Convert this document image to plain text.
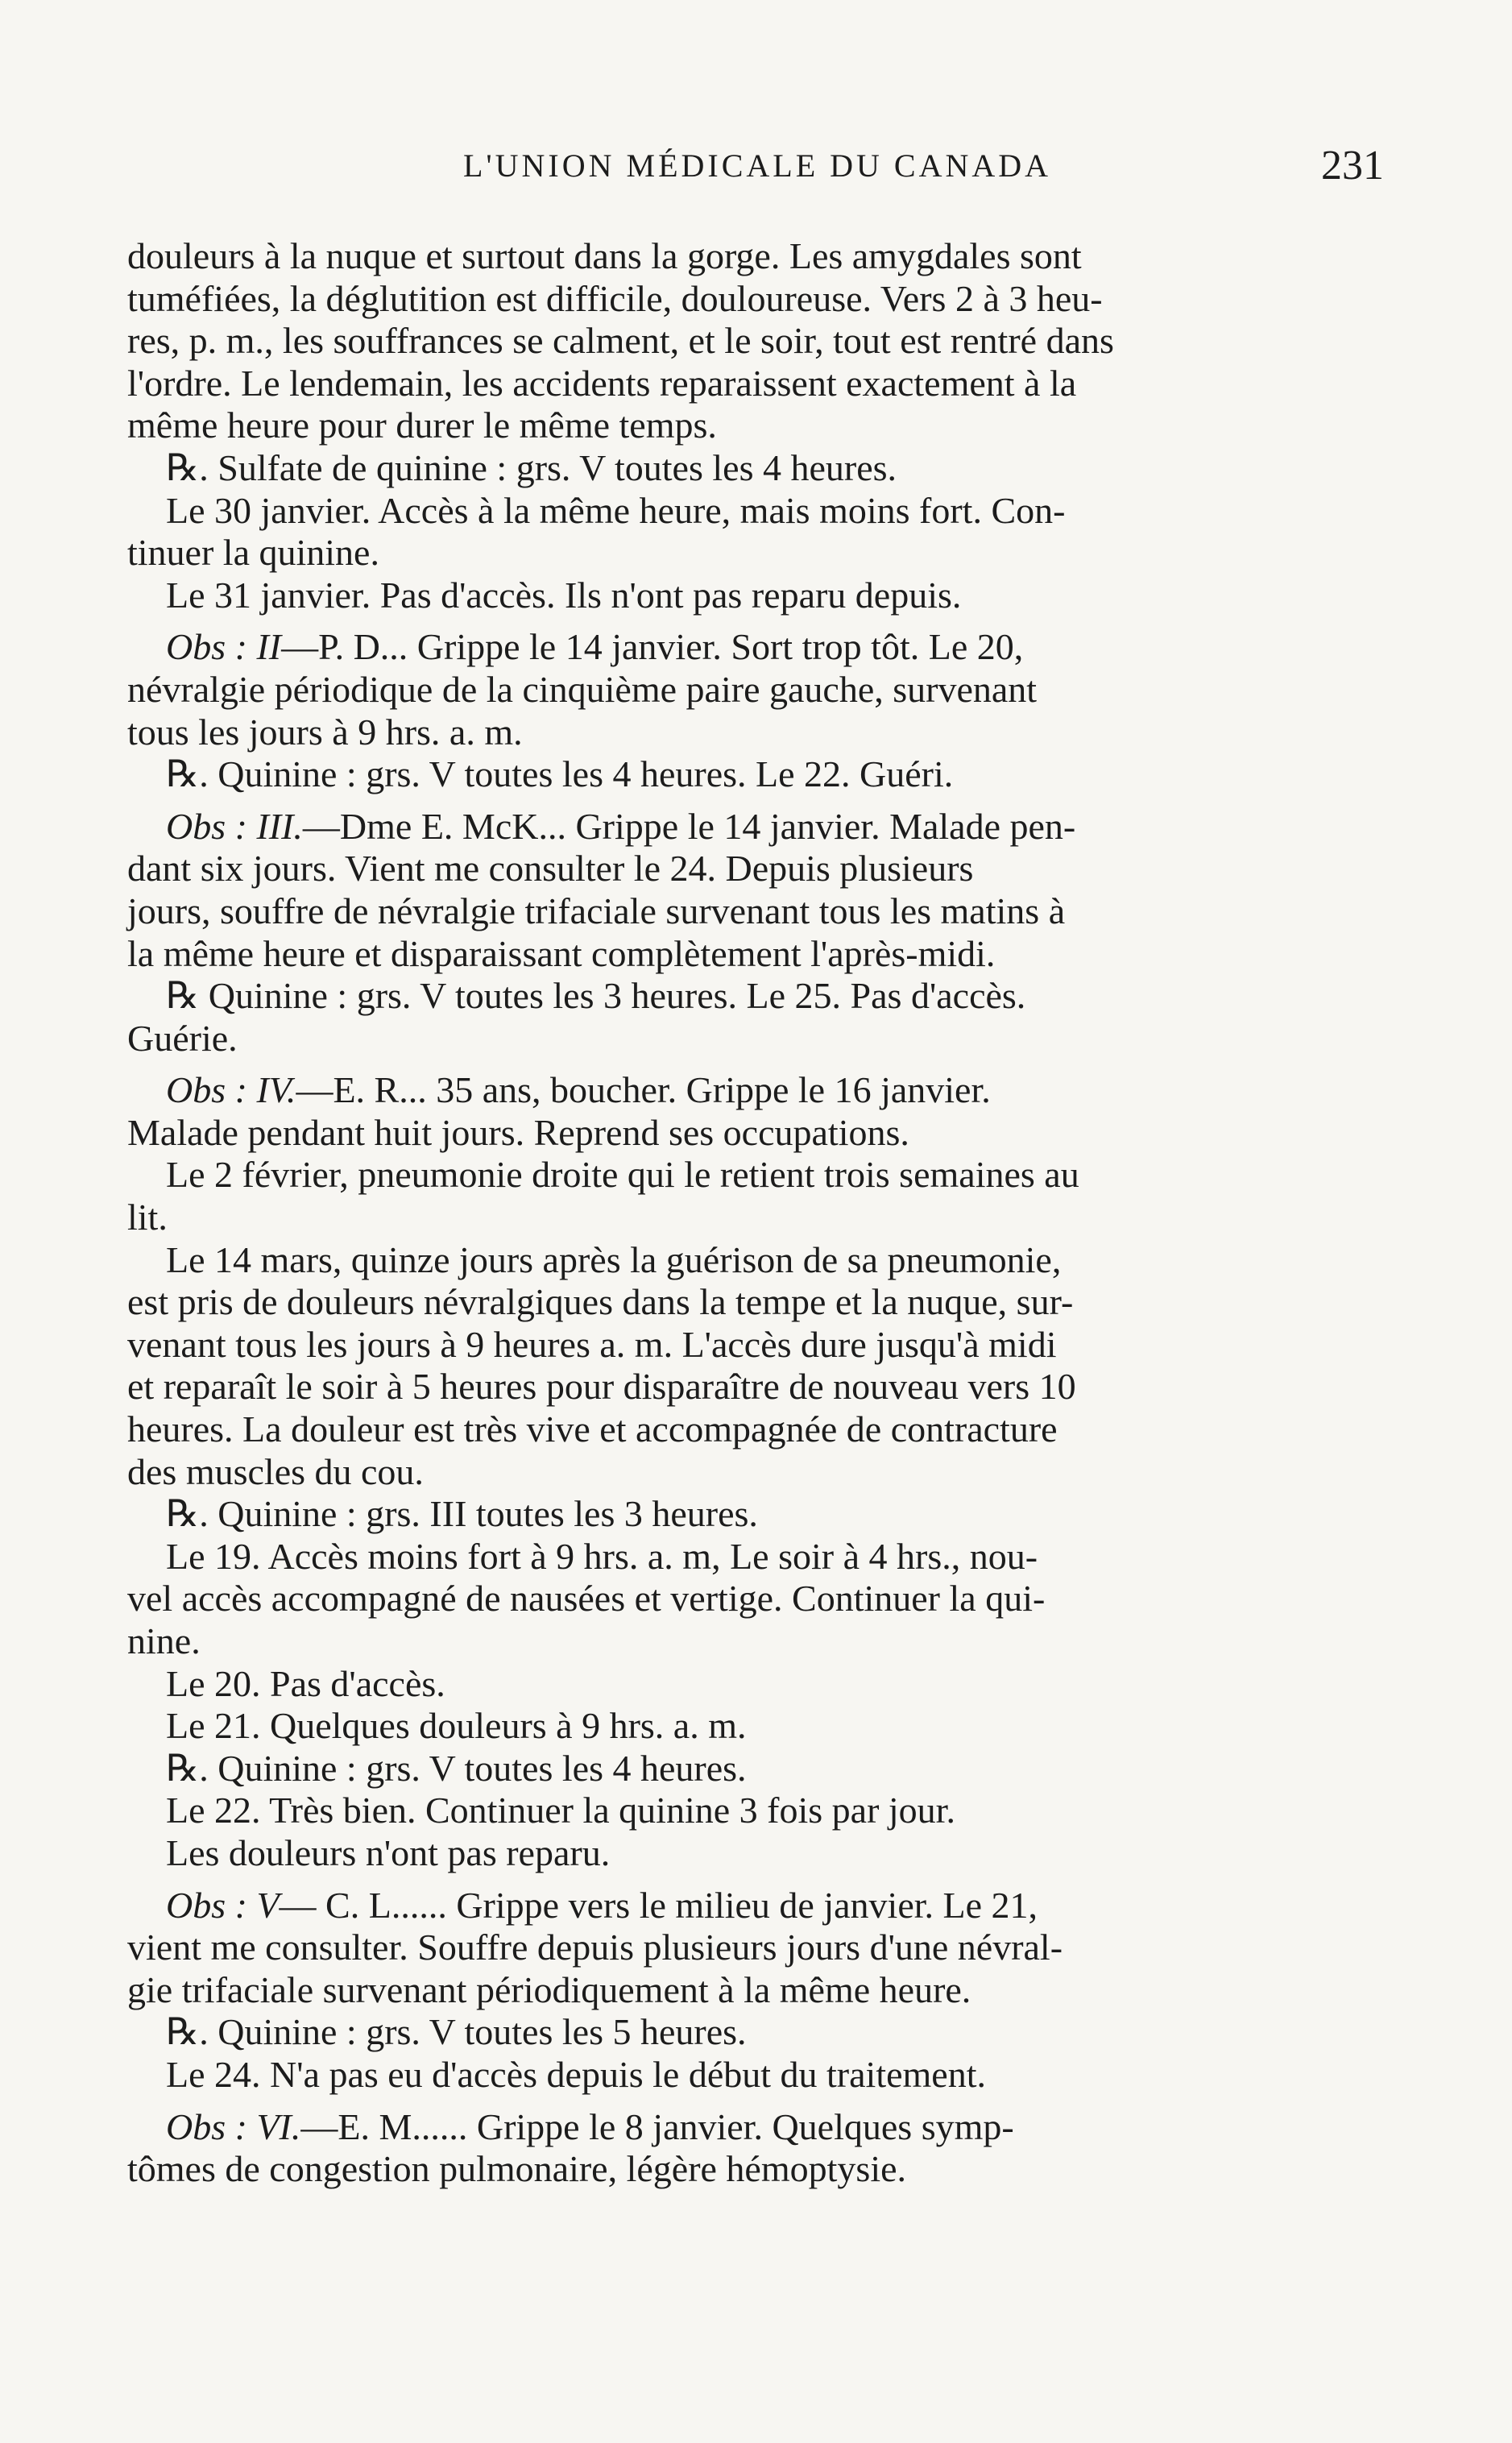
L'UNION MÉDICALE DU CANADA	231
douleurs à la nuque et surtout dans la gorge. Les amygdales sont
tuméfiées, la déglutition est difficile, douloureuse. Vers 2 à 3 heu-
res, p. m., les souffrances se calment, et le soir, tout est rentré dans
l'ordre. Le lendemain, les accidents reparaissent exactement à la
même heure pour durer le même temps.
℞. Sulfate de quinine : grs. V toutes les 4 heures.
Le 30 janvier. Accès à la même heure, mais moins fort. Con-
tinuer la quinine.
Le 31 janvier. Pas d'accès. Ils n'ont pas reparu depuis.
Obs : II—P. D... Grippe le 14 janvier. Sort trop tôt. Le 20,
névralgie périodique de la cinquième paire gauche, survenant
tous les jours à 9 hrs. a. m.
℞. Quinine : grs. V toutes les 4 heures. Le 22. Guéri.
Obs : III.—Dme E. McK... Grippe le 14 janvier. Malade pen-
dant six jours. Vient me consulter le 24. Depuis plusieurs
jours, souffre de névralgie trifaciale survenant tous les matins à
la même heure et disparaissant complètement l'après-midi.
℞ Quinine : grs. V toutes les 3 heures. Le 25. Pas d'accès.
Guérie.
Obs : IV.—E. R... 35 ans, boucher. Grippe le 16 janvier.
Malade pendant huit jours. Reprend ses occupations.
Le 2 février, pneumonie droite qui le retient trois semaines au
lit.
Le 14 mars, quinze jours après la guérison de sa pneumonie,
est pris de douleurs névralgiques dans la tempe et la nuque, sur-
venant tous les jours à 9 heures a. m. L'accès dure jusqu'à midi
et reparaît le soir à 5 heures pour disparaître de nouveau vers 10
heures. La douleur est très vive et accompagnée de contracture
des muscles du cou.
℞. Quinine : grs. III toutes les 3 heures.
Le 19. Accès moins fort à 9 hrs. a. m, Le soir à 4 hrs., nou-
vel accès accompagné de nausées et vertige. Continuer la qui-
nine.
Le 20. Pas d'accès.
Le 21. Quelques douleurs à 9 hrs. a. m.
℞. Quinine : grs. V toutes les 4 heures.
Le 22. Très bien. Continuer la quinine 3 fois par jour.
Les douleurs n'ont pas reparu.
Obs : V— C. L...... Grippe vers le milieu de janvier. Le 21,
vient me consulter. Souffre depuis plusieurs jours d'une névral-
gie trifaciale survenant périodiquement à la même heure.
℞. Quinine : grs. V toutes les 5 heures.
Le 24. N'a pas eu d'accès depuis le début du traitement.
Obs : VI.—E. M...... Grippe le 8 janvier. Quelques symp-
tômes de congestion pulmonaire, légère hémoptysie.
